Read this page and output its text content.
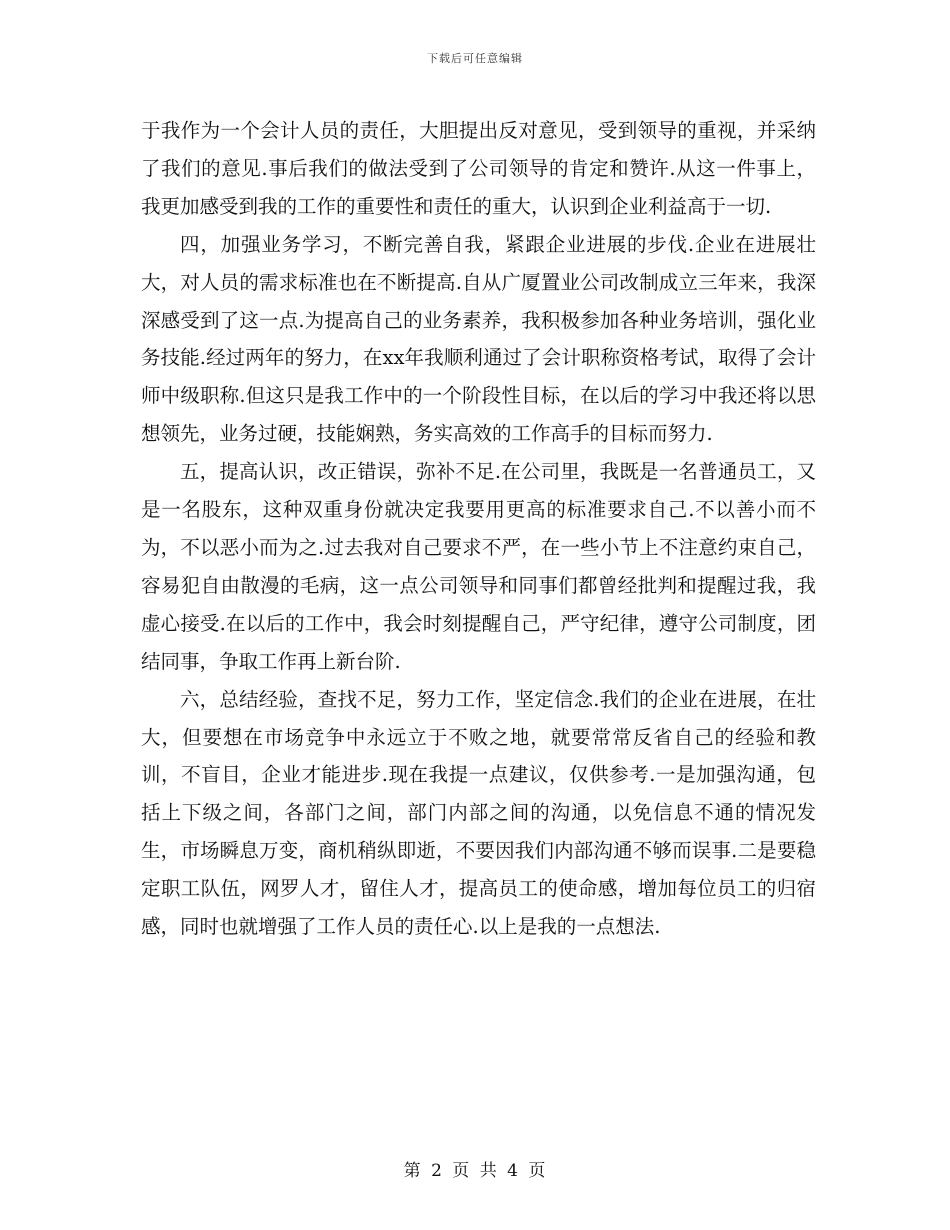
下载后可任意编辑

于我作为一个会计人员的责任，大胆提出反对意见，受到领导的重视，并采纳了我们的意见.事后我们的做法受到了公司领导的肯定和赞许.从这一件事上，我更加感受到我的工作的重要性和责任的重大，认识到企业利益高于一切.

四，加强业务学习，不断完善自我，紧跟企业进展的步伐.企业在进展壮大，对人员的需求标准也在不断提高.自从广厦置业公司改制成立三年来，我深深感受到了这一点.为提高自己的业务素养，我积极参加各种业务培训，强化业务技能.经过两年的努力，在xx年我顺利通过了会计职称资格考试，取得了会计师中级职称.但这只是我工作中的一个阶段性目标，在以后的学习中我还将以思想领先，业务过硬，技能娴熟，务实高效的工作高手的目标而努力.

五，提高认识，改正错误，弥补不足.在公司里，我既是一名普通员工，又是一名股东，这种双重身份就决定我要用更高的标准要求自己.不以善小而不为，不以恶小而为之.过去我对自己要求不严，在一些小节上不注意约束自己，容易犯自由散漫的毛病，这一点公司领导和同事们都曾经批判和提醒过我，我虚心接受.在以后的工作中，我会时刻提醒自己，严守纪律，遵守公司制度，团结同事，争取工作再上新台阶.

六，总结经验，查找不足，努力工作，坚定信念.我们的企业在进展，在壮大，但要想在市场竞争中永远立于不败之地，就要常常反省自己的经验和教训，不盲目，企业才能进步.现在我提一点建议，仅供参考.一是加强沟通，包括上下级之间，各部门之间，部门内部之间的沟通，以免信息不通的情况发生，市场瞬息万变，商机稍纵即逝，不要因我们内部沟通不够而误事.二是要稳定职工队伍，网罗人才，留住人才，提高员工的使命感，增加每位员工的归宿感，同时也就增强了工作人员的责任心.以上是我的一点想法.

第 2 页 共 4 页
